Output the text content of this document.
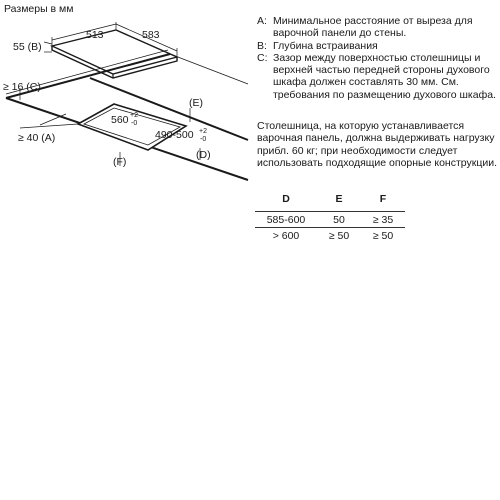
Размеры в мм
513	583
55 (B)
≥ 16 (C)
≥ 40 (A)
560 +2
-0
490-500 +2
-0
(E)
(D)
(F)
A: Минимальное расстояние от выреза для варочной панели до стены.
B: Глубина встраивания
C: Зазор между поверхностью столешницы и верхней частью передней стороны духового шкафа должен составлять 30 мм. См. требования по размещению духового шкафа.
Столешница, на которую устанавливается варочная панель, должна выдерживать нагрузку прибл. 60 кг; при необходимости следует использовать подходящие опорные конструкции.
D	E	F
585-600	50	≥ 35
> 600	≥ 50	≥ 50
